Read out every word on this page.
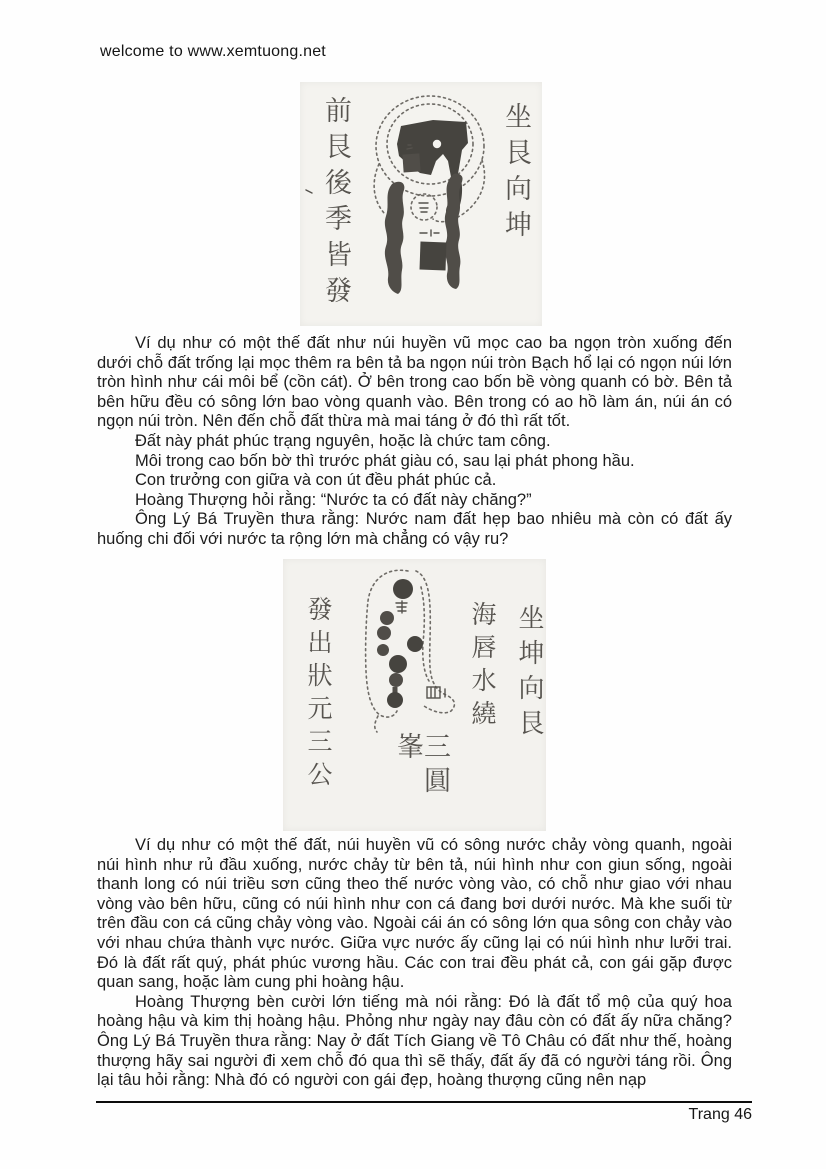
welcome to www.xemtuong.net
前艮後季皆發	坐艮向坤

Ví dụ như có một thế đất như núi huyền vũ mọc cao ba ngọn tròn xuống đến dưới chỗ đất trống lại mọc thêm ra bên tả ba ngọn núi tròn Bạch hổ lại có ngọn núi lớn tròn hình như cái môi bể (cồn cát). Ở bên trong cao bốn bề vòng quanh có bờ. Bên tả bên hữu đều có sông lớn bao vòng quanh vào. Bên trong có ao hồ làm án, núi án có ngọn núi tròn. Nên đến chỗ đất thừa mà mai táng ở đó thì rất tốt.

Đất này phát phúc trạng nguyên, hoặc là chức tam công.

Môi trong cao bốn bờ thì trước phát giàu có, sau lại phát phong hầu.

Con trưởng con giữa và con út đều phát phúc cả.

Hoàng Thượng hỏi rằng: “Nước ta có đất này chăng?”

Ông Lý Bá Truyền thưa rằng: Nước nam đất hẹp bao nhiêu mà còn có đất ấy huống chi đối với nước ta rộng lớn mà chẳng có vậy ru?

發出狀元三公	三圓峯
海唇水繞 坐坤向艮

Ví dụ như có một thế đất, núi huyền vũ có sông nước chảy vòng quanh, ngoài núi hình như rủ đầu xuống, nước chảy từ bên tả, núi hình như con giun sống, ngoài thanh long có núi triều sơn cũng theo thế nước vòng vào, có chỗ như giao với nhau vòng vào bên hữu, cũng có núi hình như con cá đang bơi dưới nước. Mà khe suối từ trên đầu con cá cũng chảy vòng vào. Ngoài cái án có sông lớn qua sông con chảy vào với nhau chứa thành vực nước. Giữa vực nước ấy cũng lại có núi hình như lưỡi trai. Đó là đất rất quý, phát phúc vương hầu. Các con trai đều phát cả, con gái gặp được quan sang, hoặc làm cung phi hoàng hậu.

Hoàng Thượng bèn cười lớn tiếng mà nói rằng: Đó là đất tổ mộ của quý hoa hoàng hậu và kim thị hoàng hậu. Phỏng như ngày nay đâu còn có đất ấy nữa chăng? Ông Lý Bá Truyền thưa rằng: Nay ở đất Tích Giang về Tô Châu có đất như thế, hoàng thượng hãy sai người đi xem chỗ đó qua thì sẽ thấy, đất ấy đã có người táng rồi. Ông lại tâu hỏi rằng: Nhà đó có người con gái đẹp, hoàng thượng cũng nên nạp

Trang 46
